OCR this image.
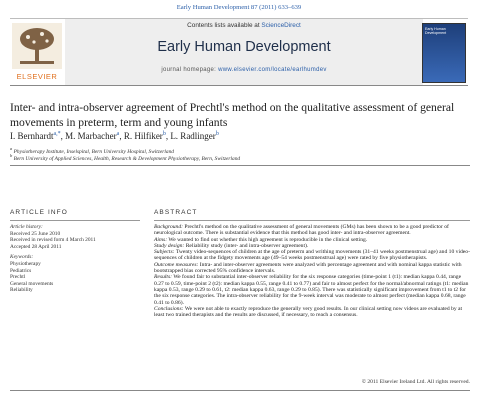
Early Human Development 87 (2011) 633–639
ELSEVIER
Contents lists available at ScienceDirect
Early Human Development
journal homepage: www.elsevier.com/locate/earlhumdev
Early Human Development
Inter- and intra-observer agreement of Prechtl's method on the qualitative assessment of general movements in preterm, term and young infants
I. Bernhardt$^{a,*}$, M. Marbacher$^a$, R. Hilfiker$^b$, L. Radlinger$^b$
$^a$ Physiotherapy Institute, Inselspital, Bern University Hospital, Switzerland
$^b$ Bern University of Applied Sciences, Health, Research & Development Physiotherapy, Bern, Switzerland
ARTICLE INFO	ABSTRACT
Article history:
Received 25 June 2010
Received in revised form 4 March 2011
Accepted 28 April 2011
Keywords:
Physiotherapy
Pediatrics
Prechtl
General movements
Reliability

Background: Prechtl's method on the qualitative assessment of general movements (GMs) has been shown to be a good predictor of neurological outcome. There is substantial evidence that this method has good inter- and intra-observer agreement.

Aims: We wanted to find out whether this high agreement is reproducible in the clinical setting.

Study design: Reliability study (inter- and intra-observer agreement).

Subjects: Twenty video-sequences of children at the age of preterm and writhing movements (31–41 weeks postmenstrual age) and 10 video-sequences of children at the fidgety movements age (49–54 weeks postmenstrual age) were rated by five physiotherapists.

Outcome measures: Intra- and inter-observer agreements were analyzed with percentage agreement and with nominal kappa statistic with bootstrapped bias corrected 95% confidence intervals.

Results: We found fair to substantial inter-observer reliability for the six response categories (time-point 1 (t1): median kappa 0.44, range 0.27 to 0.59, time-point 2 (t2): median kappa 0.55, range 0.41 to 0.77) and fair to almost perfect for the normal/abnormal ratings (t1: median kappa 0.53, range 0.29 to 0.61, t2: median kappa 0.63, range 0.29 to 0.85). There was statistically significant improvement from t1 to t2 for the six response categories. The intra-observer reliability for the 9-week interval was moderate to almost perfect (median kappa 0.68, range 0.41 to 0.86).

Conclusions: We were not able to exactly reproduce the generally very good results. In our clinical setting now videos are evaluated by at least two trained therapists and the results are discussed, if necessary, to reach a consensus.

© 2011 Elsevier Ireland Ltd. All rights reserved.
